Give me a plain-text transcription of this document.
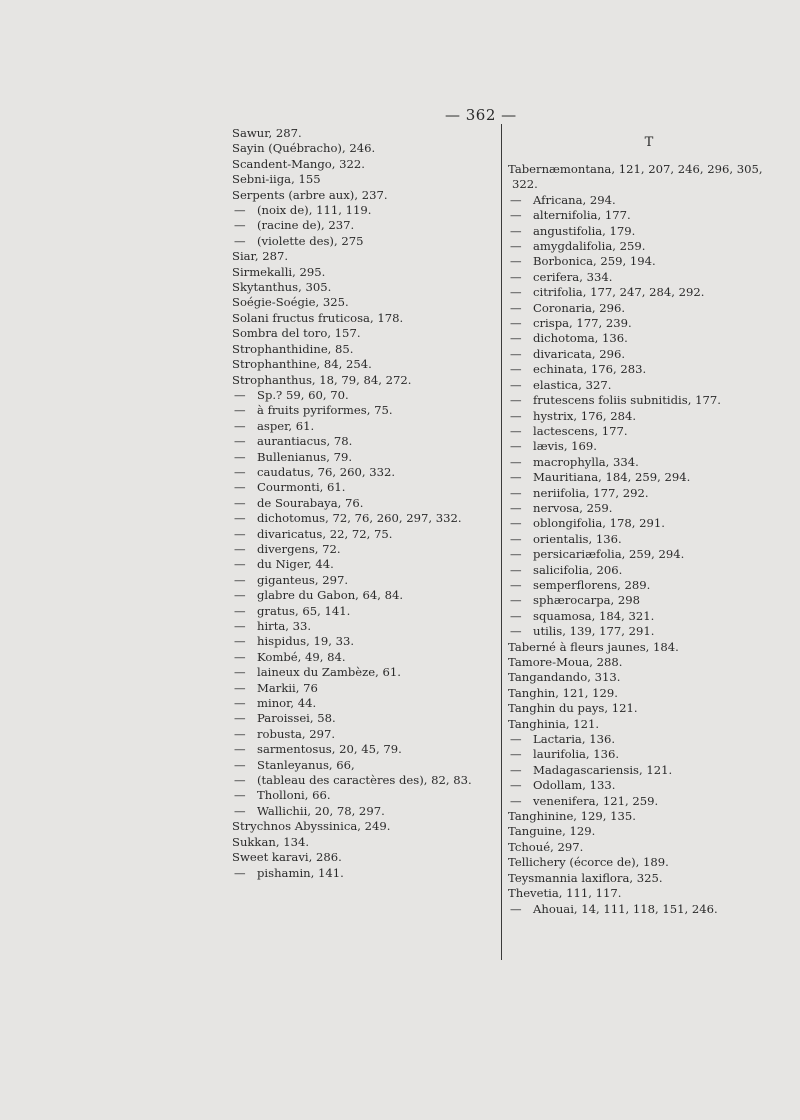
— 362 —
Sawur, 287.
Sayin (Québracho), 246.
Scandent-Mango, 322.
Sebni-iiga, 155
Serpents (arbre aux), 237.
— (noix de), 111, 119.
— (racine de), 237.
— (violette des), 275
Siar, 287.
Sirmekalli, 295.
Skytanthus, 305.
Soégie-Soégie, 325.
Solani fructus fruticosa, 178.
Sombra del toro, 157.
Strophanthidine, 85.
Strophanthine, 84, 254.
Strophanthus, 18, 79, 84, 272.
— Sp.? 59, 60, 70.
— à fruits pyriformes, 75.
— asper, 61.
— aurantiacus, 78.
— Bullenianus, 79.
— caudatus, 76, 260, 332.
— Courmonti, 61.
— de Sourabaya, 76.
— dichotomus, 72, 76, 260, 297, 332.
— divaricatus, 22, 72, 75.
— divergens, 72.
— du Niger, 44.
— giganteus, 297.
— glabre du Gabon, 64, 84.
— gratus, 65, 141.
— hirta, 33.
— hispidus, 19, 33.
— Kombé, 49, 84.
— laineux du Zambèze, 61.
— Markii, 76
— minor, 44.
— Paroissei, 58.
— robusta, 297.
— sarmentosus, 20, 45, 79.
— Stanleyanus, 66,
— (tableau des caractères des), 82, 83.
— Tholloni, 66.
— Wallichii, 20, 78, 297.
Strychnos Abyssinica, 249.
Sukkan, 134.
Sweet karavi, 286.
— pishamin, 141.
T
Tabernæmontana, 121, 207, 246, 296, 305,
322.
— Africana, 294.
— alternifolia, 177.
— angustifolia, 179.
— amygdalifolia, 259.
— Borbonica, 259, 194.
— cerifera, 334.
— citrifolia, 177, 247, 284, 292.
— Coronaria, 296.
— crispa, 177, 239.
— dichotoma, 136.
— divaricata, 296.
— echinata, 176, 283.
— elastica, 327.
— frutescens foliis subnitidis, 177.
— hystrix, 176, 284.
— lactescens, 177.
— lævis, 169.
— macrophylla, 334.
— Mauritiana, 184, 259, 294.
— neriifolia, 177, 292.
— nervosa, 259.
— oblongifolia, 178, 291.
— orientalis, 136.
— persicariæfolia, 259, 294.
— salicifolia, 206.
— semperflorens, 289.
— sphærocarpa, 298
— squamosa, 184, 321.
— utilis, 139, 177, 291.
Taberné à fleurs jaunes, 184.
Tamore-Moua, 288.
Tangandando, 313.
Tanghin, 121, 129.
Tanghin du pays, 121.
Tanghinia, 121.
— Lactaria, 136.
— laurifolia, 136.
— Madagascariensis, 121.
— Odollam, 133.
— venenifera, 121, 259.
Tanghinine, 129, 135.
Tanguine, 129.
Tchoué, 297.
Tellichery (écorce de), 189.
Teysmannia laxiflora, 325.
Thevetia, 111, 117.
— Ahouai, 14, 111, 118, 151, 246.
